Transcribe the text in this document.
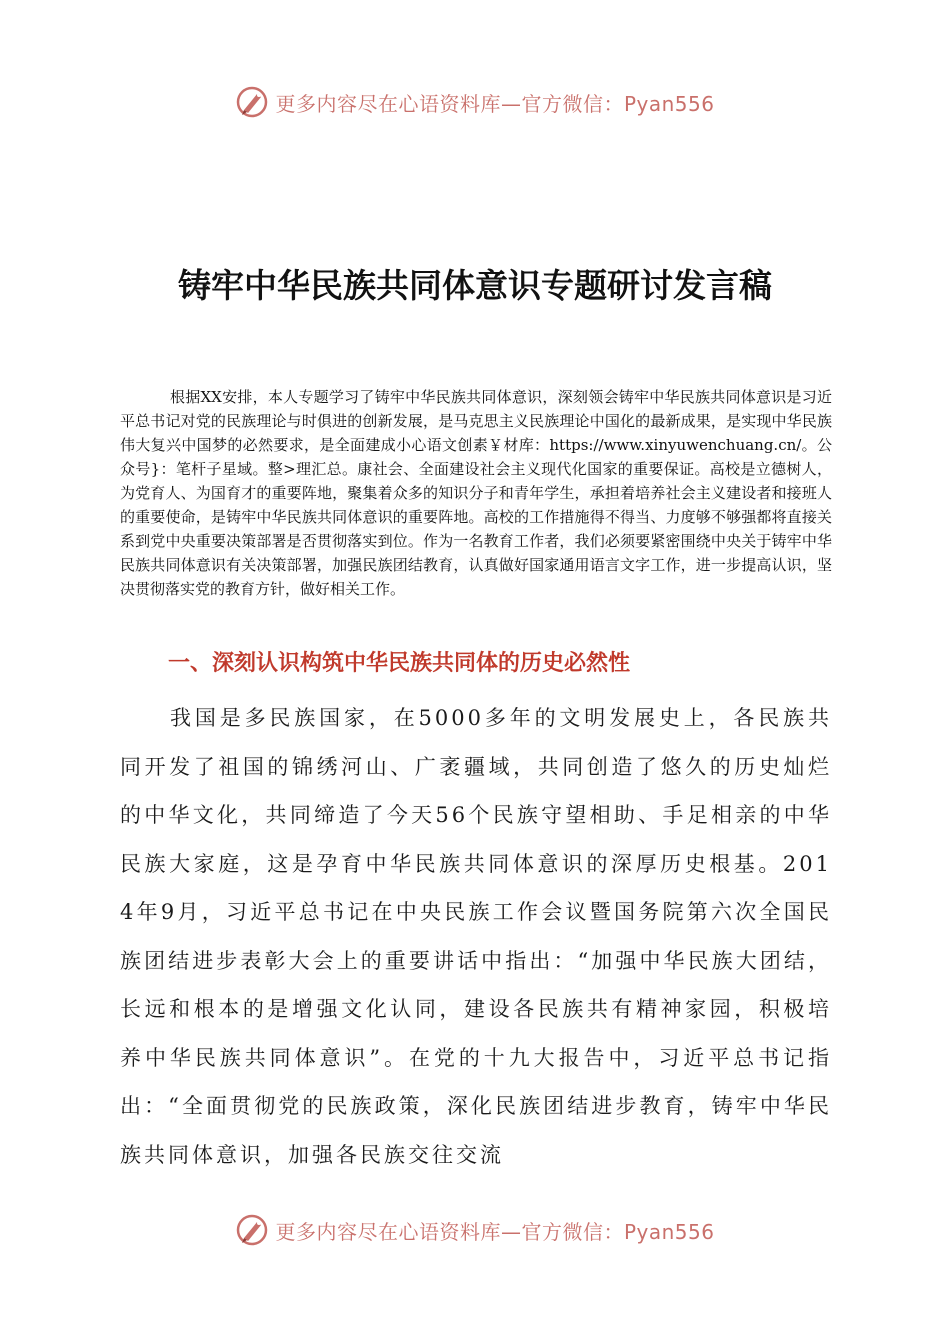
更多内容尽在心语资料库—官方微信：Pyan556
铸牢中华民族共同体意识专题研讨发言稿

根据XX安排，本人专题学习了铸牢中华民族共同体意识，深刻领会铸牢中华民族共同体意识是习近平总书记对党的民族理论与时俱进的创新发展，是马克思主义民族理论中国化的最新成果，是实现中华民族伟大复兴中国梦的必然要求，是全面建成小心语文创素￥材库：https://www.xinyuwenchuang.cn/。公众号}：笔杆子星域。整>理汇总。康社会、全面建设社会主义现代化国家的重要保证。高校是立德树人，为党育人、为国育才的重要阵地，聚集着众多的知识分子和青年学生，承担着培养社会主义建设者和接班人的重要使命，是铸牢中华民族共同体意识的重要阵地。高校的工作措施得不得当、力度够不够强都将直接关系到党中央重要决策部署是否贯彻落实到位。作为一名教育工作者，我们必须要紧密围绕中央关于铸牢中华民族共同体意识有关决策部署，加强民族团结教育，认真做好国家通用语言文字工作，进一步提高认识，坚决贯彻落实党的教育方针，做好相关工作。

一、深刻认识构筑中华民族共同体的历史必然性

我国是多民族国家，在5000多年的文明发展史上，各民族共同开发了祖国的锦绣河山、广袤疆域，共同创造了悠久的历史灿烂的中华文化，共同缔造了今天56个民族守望相助、手足相亲的中华民族大家庭，这是孕育中华民族共同体意识的深厚历史根基。2014年9月，习近平总书记在中央民族工作会议暨国务院第六次全国民族团结进步表彰大会上的重要讲话中指出：“加强中华民族大团结，长远和根本的是增强文化认同，建设各民族共有精神家园，积极培养中华民族共同体意识”。在党的十九大报告中，习近平总书记指出：“全面贯彻党的民族政策，深化民族团结进步教育，铸牢中华民族共同体意识，加强各民族交往交流

更多内容尽在心语资料库—官方微信：Pyan556
